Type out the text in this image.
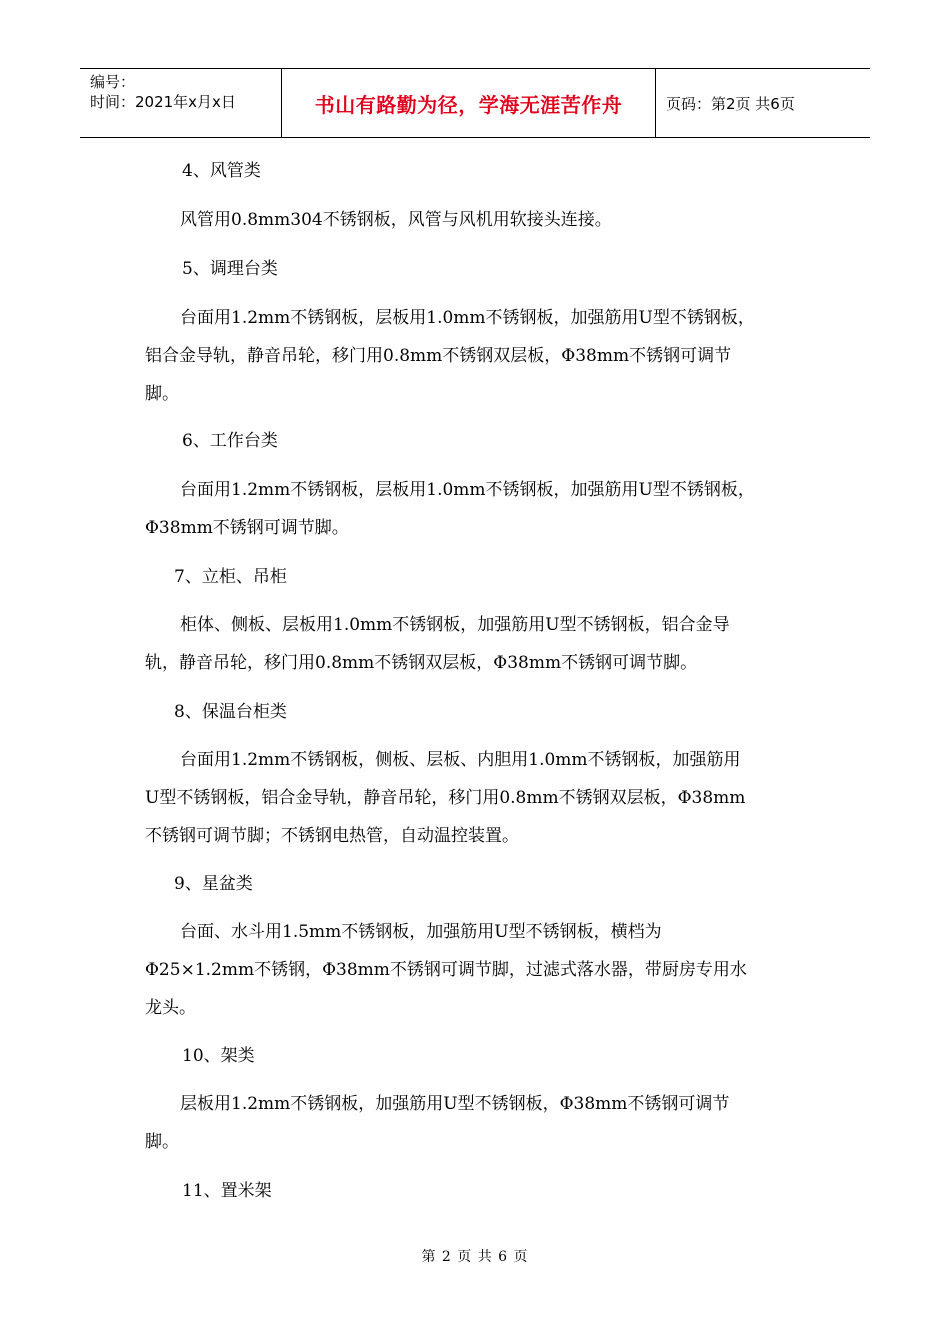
编号：
时间：2021年x月x日	书山有路勤为径，学海无涯苦作舟	页码：第2页 共6页
4、风管类
风管用0.8mm304不锈钢板，风管与风机用软接头连接。
5、调理台类
台面用1.2mm不锈钢板，层板用1.0mm不锈钢板，加强筋用U型不锈钢板，
铝合金导轨，静音吊轮，移门用0.8mm不锈钢双层板，Φ38mm不锈钢可调节
脚。
6、工作台类
台面用1.2mm不锈钢板，层板用1.0mm不锈钢板，加强筋用U型不锈钢板，
Φ38mm不锈钢可调节脚。
7、立柜、吊柜
柜体、侧板、层板用1.0mm不锈钢板，加强筋用U型不锈钢板，铝合金导
轨，静音吊轮，移门用0.8mm不锈钢双层板，Φ38mm不锈钢可调节脚。
8、保温台柜类
台面用1.2mm不锈钢板，侧板、层板、内胆用1.0mm不锈钢板，加强筋用
U型不锈钢板，铝合金导轨，静音吊轮，移门用0.8mm不锈钢双层板，Φ38mm
不锈钢可调节脚；不锈钢电热管，自动温控装置。
9、星盆类
台面、水斗用1.5mm不锈钢板，加强筋用U型不锈钢板，横档为
Φ25×1.2mm不锈钢，Φ38mm不锈钢可调节脚，过滤式落水器，带厨房专用水
龙头。
10、架类
层板用1.2mm不锈钢板，加强筋用U型不锈钢板，Φ38mm不锈钢可调节
脚。
11、置米架
第 2 页 共 6 页
